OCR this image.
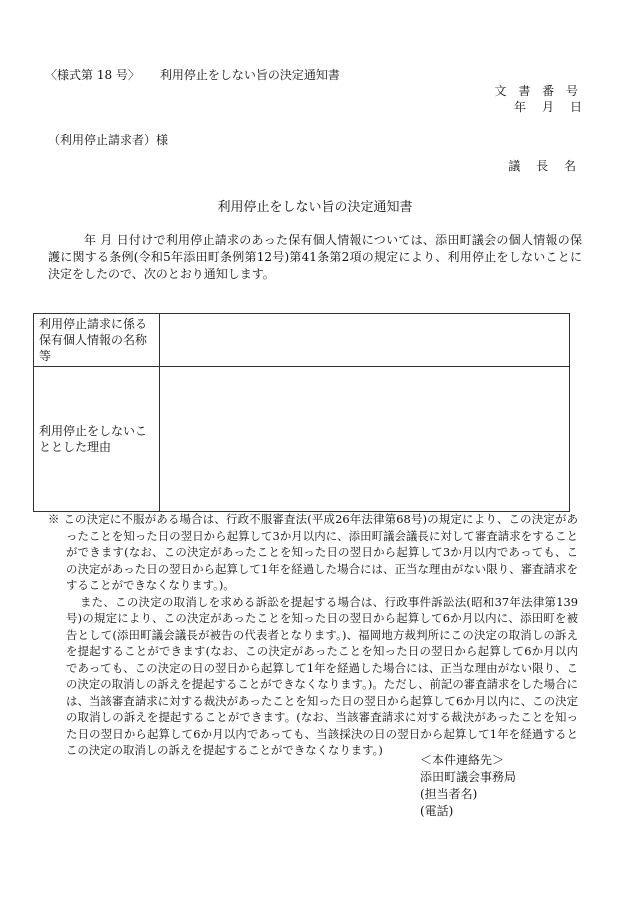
〈様式第 18 号〉 利用停止をしない旨の決定通知書
文 書 番 号
年 月 日
（利用停止請求者）様
議 長 名
利用停止をしない旨の決定通知書
年 月 日付けで利用停止請求のあった保有個人情報については、添田町議会の個人情報の保護に関する条例(令和5年添田町条例第12号)第41条第2項の規定により、利用停止をしないことに決定をしたので、次のとおり通知します。
利用停止請求に係る保有個人情報の名称等	
利用停止をしないこととした理由	

※ この決定に不服がある場合は、行政不服審査法(平成26年法律第68号)の規定により、この決定があったことを知った日の翌日から起算して3か月以内に、添田町議会議長に対して審査請求をすることができます(なお、この決定があったことを知った日の翌日から起算して3か月以内であっても、この決定があった日の翌日から起算して1年を経過した場合には、正当な理由がない限り、審査請求をすることができなくなります。)。

また、この決定の取消しを求める訴訟を提起する場合は、行政事件訴訟法(昭和37年法律第139号)の規定により、この決定があったことを知った日の翌日から起算して6か月以内に、添田町を被告として(添田町議会議長が被告の代表者となります。)、福岡地方裁判所にこの決定の取消しの訴えを提起することができます(なお、この決定があったことを知った日の翌日から起算して6か月以内であっても、この決定の日の翌日から起算して1年を経過した場合には、正当な理由がない限り、この決定の取消しの訴えを提起することができなくなります。)。ただし、前記の審査請求をした場合には、当該審査請求に対する裁決があったことを知った日の翌日から起算して6か月以内に、この決定の取消しの訴えを提起することができます。(なお、当該審査請求に対する裁決があったことを知った日の翌日から起算して6か月以内であっても、当該採決の日の翌日から起算して1年を経過するとこの決定の取消しの訴えを提起することができなくなります。)

＜本件連絡先＞
添田町議会事務局
(担当者名)
(電話)
